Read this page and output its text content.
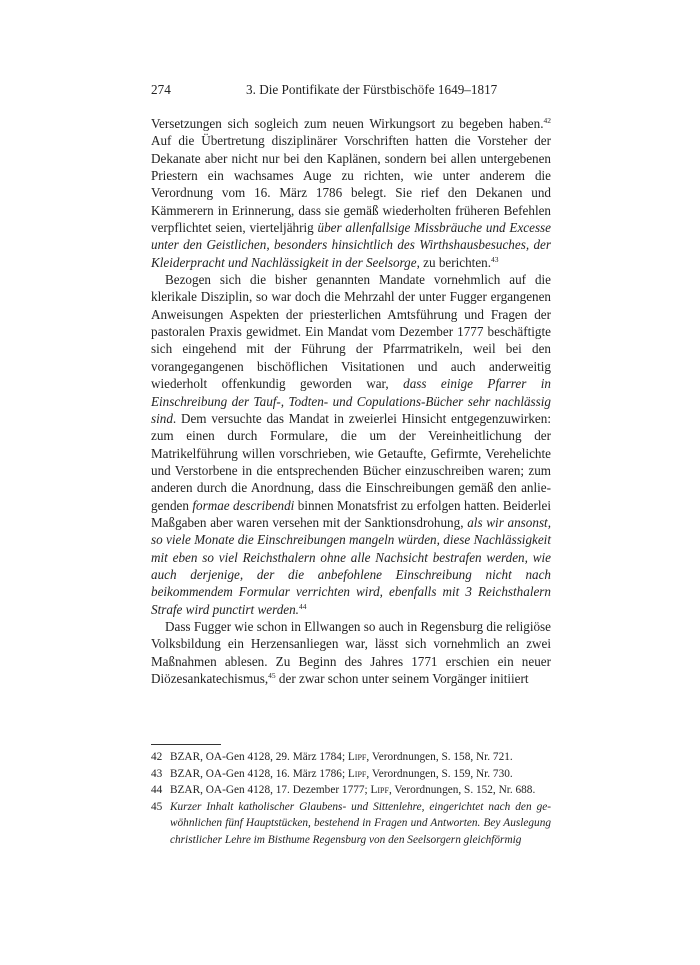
274	3. Die Pontifikate der Fürstbischöfe 1649–1817

Versetzungen sich sogleich zum neuen Wirkungsort zu begeben haben.$^{42}$ Auf die Übertretung disziplinärer Vorschriften hatten die Vorsteher der Dekanate aber nicht nur bei den Kaplänen, sondern bei allen untergebenen Priestern ein wachsames Auge zu richten, wie unter anderem die Verordnung vom 16. März 1786 belegt. Sie rief den Dekanen und Kämmerern in Erinnerung, dass sie gemäß wiederholten früheren Befehlen verpflichtet seien, vierteljährig über allenfallsige Missbräuche und Excesse unter den Geistlichen, besonders hinsichtlich des Wirthshausbesuches, der Kleiderpracht und Nachlässigkeit in der Seelsorge, zu berichten.$^{43}$

Bezogen sich die bisher genannten Mandate vornehmlich auf die klerikale Disziplin, so war doch die Mehrzahl der unter Fugger ergangenen Anweisungen Aspekten der priesterlichen Amtsführung und Fragen der pastoralen Praxis gewidmet. Ein Mandat vom Dezember 1777 beschäftigte sich eingehend mit der Führung der Pfarrmatrikeln, weil bei den vorangegangenen bischöflichen Visitationen und auch anderweitig wiederholt offenkundig geworden war, dass einige Pfarrer in Einschreibung der Tauf-, Todten- und Copulations-Bücher sehr nachlässig sind. Dem versuchte das Mandat in zweierlei Hinsicht entgegenzuwirken: zum einen durch Formulare, die um der Vereinheitlichung der Matrikelführung willen vorschrieben, wie Getaufte, Gefirmte, Verehelichte und Verstorbene in die entsprechenden Bücher einzuschreiben waren; zum anderen durch die Anordnung, dass die Einschreibungen gemäß den anliegenden formae describendi binnen Monatsfrist zu erfolgen hatten. Beiderlei Maßgaben aber waren versehen mit der Sanktionsdrohung, als wir ansonst, so viele Monate die Einschreibungen mangeln würden, diese Nachlässigkeit mit eben so viel Reichsthalern ohne alle Nachsicht bestrafen werden, wie auch derjenige, der die anbefohlene Einschreibung nicht nach beikommendem Formular verrichten wird, ebenfalls mit 3 Reichsthalern Strafe wird punctirt werden.$^{44}$

Dass Fugger wie schon in Ellwangen so auch in Regensburg die religiöse Volksbildung ein Herzensanliegen war, lässt sich vornehmlich an zwei Maßnahmen ablesen. Zu Beginn des Jahres 1771 erschien ein neuer Diözesankatechismus,$^{45}$ der zwar schon unter seinem Vorgänger initiiert

42 BZAR, OA-Gen 4128, 29. März 1784; Lipf, Verordnungen, S. 158, Nr. 721.
43 BZAR, OA-Gen 4128, 16. März 1786; Lipf, Verordnungen, S. 159, Nr. 730.
44 BZAR, OA-Gen 4128, 17. Dezember 1777; Lipf, Verordnungen, S. 152, Nr. 688.
45 Kurzer Inhalt katholischer Glaubens- und Sittenlehre, eingerichtet nach den gewöhnlichen fünf Hauptstücken, bestehend in Fragen und Antworten. Bey Auslegung christlicher Lehre im Bisthume Regensburg von den Seelsorgern gleichförmig
